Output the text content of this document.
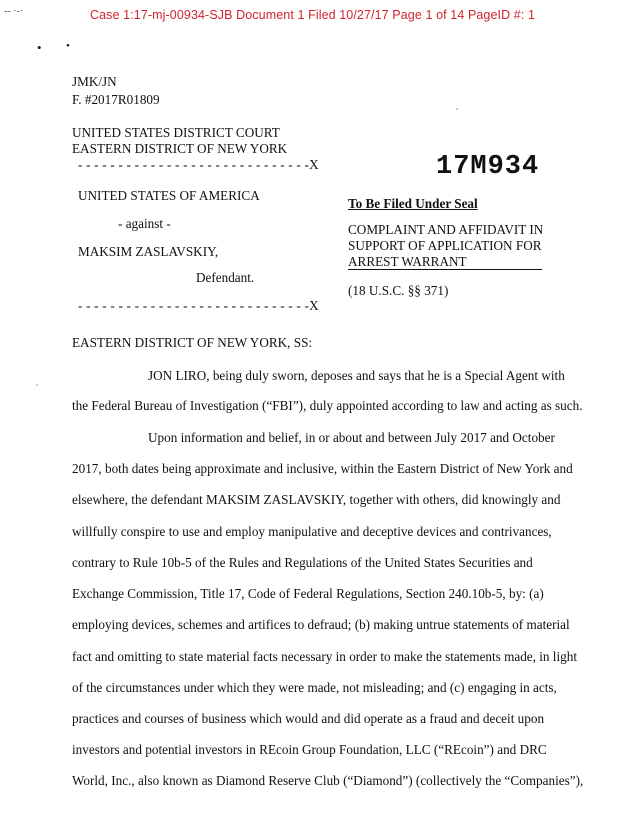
Case 1:17-mj-00934-SJB Document 1 Filed 10/27/17 Page 1 of 14 PageID #: 1
-- ·-·
• •
JMK/JN
F. #2017R01809
UNITED STATES DISTRICT COURT
EASTERN DISTRICT OF NEW YORK
- - - - - - - - - - - - - - - - - - - - - - - - - - - - -X
UNITED STATES OF AMERICA
- against -
MAKSIM ZASLAVSKIY,
Defendant.
- - - - - - - - - - - - - - - - - - - - - - - - - - - - -X
17M934
To Be Filed Under Seal
COMPLAINT AND AFFIDAVIT IN
SUPPORT OF APPLICATION FOR
ARREST WARRANT
(18 U.S.C. §§ 371)
EASTERN DISTRICT OF NEW YORK, SS:
JON LIRO, being duly sworn, deposes and says that he is a Special Agent with
the Federal Bureau of Investigation (“FBI”), duly appointed according to law and acting as such.
Upon information and belief, in or about and between July 2017 and October
2017, both dates being approximate and inclusive, within the Eastern District of New York and
elsewhere, the defendant MAKSIM ZASLAVSKIY, together with others, did knowingly and
willfully conspire to use and employ manipulative and deceptive devices and contrivances,
contrary to Rule 10b-5 of the Rules and Regulations of the United States Securities and
Exchange Commission, Title 17, Code of Federal Regulations, Section 240.10b-5, by: (a)
employing devices, schemes and artifices to defraud; (b) making untrue statements of material
fact and omitting to state material facts necessary in order to make the statements made, in light
of the circumstances under which they were made, not misleading; and (c) engaging in acts,
practices and courses of business which would and did operate as a fraud and deceit upon
investors and potential investors in REcoin Group Foundation, LLC (“REcoin”) and DRC
World, Inc., also known as Diamond Reserve Club (“Diamond”) (collectively the “Companies”),
